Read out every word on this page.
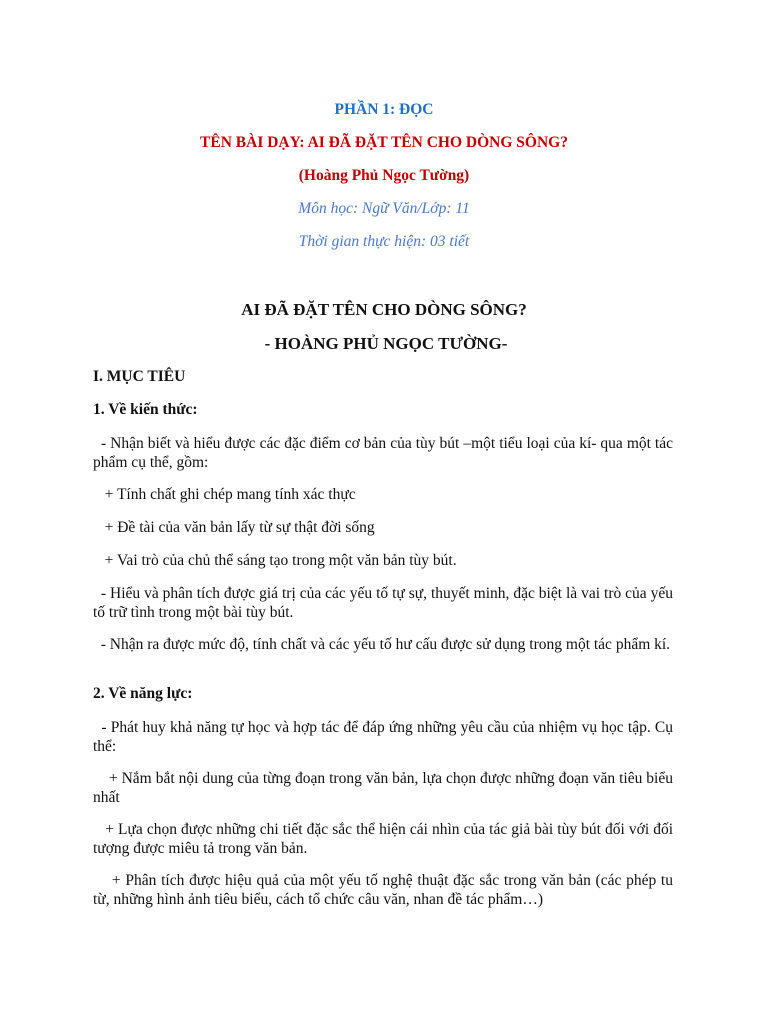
PHẦN 1: ĐỌC
TÊN BÀI DẠY: AI ĐÃ ĐẶT TÊN CHO DÒNG SÔNG?
(Hoàng Phủ Ngọc Tường)
Môn học: Ngữ Văn/Lớp: 11
Thời gian thực hiện: 03 tiết
AI ĐÃ ĐẶT TÊN CHO DÒNG SÔNG?
- HOÀNG PHỦ NGỌC TƯỜNG-
I. MỤC TIÊU
1. Về kiến thức:
- Nhận biết và hiểu được các đặc điểm cơ bản của tùy bút –một tiểu loại của kí- qua một tác phẩm cụ thể, gồm:
+ Tính chất ghi chép mang tính xác thực
+ Đề tài của văn bản lấy từ sự thật đời sống
+ Vai trò của chủ thể sáng tạo trong một văn bản tùy bút.
- Hiểu và phân tích được giá trị của các yếu tố tự sự, thuyết minh, đặc biệt là vai trò của yếu tố trữ tình trong một bài tùy bút.
- Nhận ra được mức độ, tính chất và các yếu tố hư cấu được sử dụng trong một tác phẩm kí.
2. Về năng lực:
- Phát huy khả năng tự học và hợp tác để đáp ứng những yêu cầu của nhiệm vụ học tập. Cụ thể:
+ Nắm bắt nội dung của từng đoạn trong văn bản, lựa chọn được những đoạn văn tiêu biểu nhất
+ Lựa chọn được những chi tiết đặc sắc thể hiện cái nhìn của tác giả bài tùy bút đối với đối tượng được miêu tả trong văn bản.
+ Phân tích được hiệu quả của một yếu tố nghệ thuật đặc sắc trong văn bản (các phép tu từ, những hình ảnh tiêu biểu, cách tổ chức câu văn, nhan đề tác phẩm…)
